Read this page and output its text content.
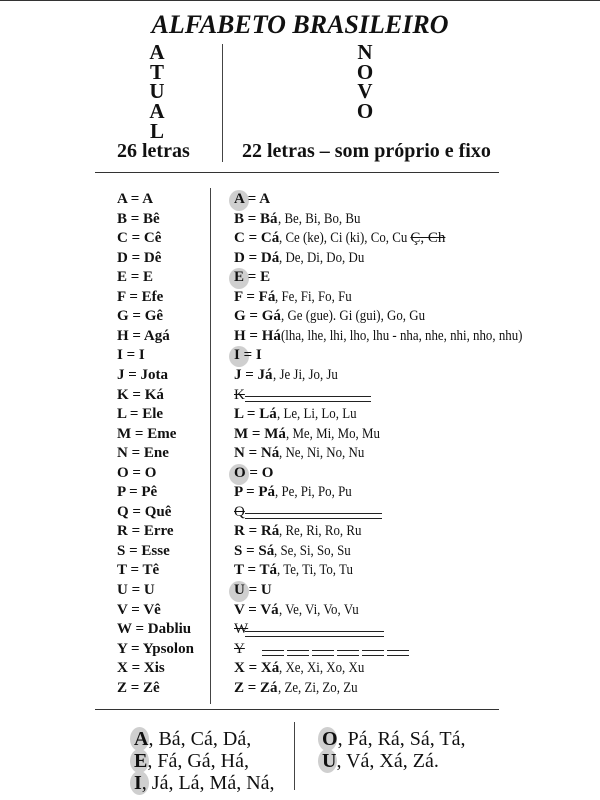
ALFABETO BRASILEIRO
A
T
U
A
L
N
O
V
O
26 letras	22 letras – som próprio e fixo
A = A	A = A
B = Bê	B = Bá, Be, Bi, Bo, Bu
C = Cê	C = Cá, Ce (ke), Ci (ki), Co, Cu Ç, Ch
D = Dê	D = Dá, De, Di, Do, Du
E = E	E = E
F = Efe	F = Fá, Fe, Fi, Fo, Fu
G = Gê	G = Gá, Ge (gue). Gi (gui), Go, Gu
H = Agá	H = Há(lha, lhe, lhi, lho, lhu - nha, nhe, nhi, nho, nhu)
I = I	I = I
J = Jota	J = Já, Je Ji, Jo, Ju
K = Ká	K
L = Ele	L = Lá, Le, Li, Lo, Lu
M = Eme	M = Má, Me, Mi, Mo, Mu
N = Ene	N = Ná, Ne, Ni, No, Nu
O = O	O = O
P = Pê	P = Pá, Pe, Pi, Po, Pu
Q = Quê	Q
R = Erre	R = Rá, Re, Ri, Ro, Ru
S = Esse	S = Sá, Se, Si, So, Su
T = Tê	T = Tá, Te, Ti, To, Tu
U = U	U = U
V = Vê	V = Vá, Ve, Vi, Vo, Vu
W = Dabliu	W
Y = Ypsolon	Y
X = Xis	X = Xá, Xe, Xi, Xo, Xu
Z = Zê	Z = Zá, Ze, Zi, Zo, Zu
A, Bá, Cá, Dá,
E, Fá, Gá, Há,
I, Já, Lá, Má, Ná,
O, Pá, Rá, Sá, Tá,
U, Vá, Xá, Zá.
